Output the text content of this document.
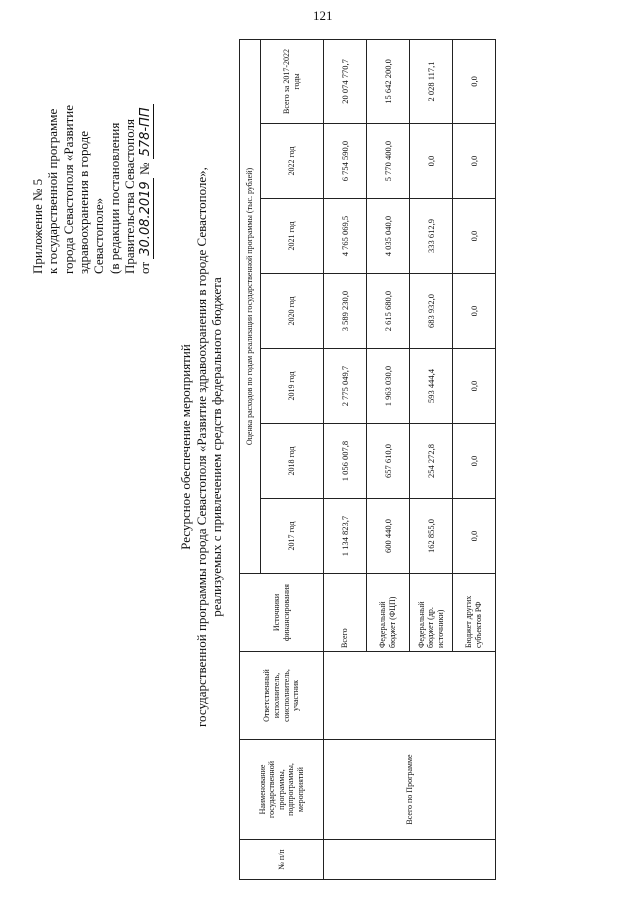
121
Приложение № 5 к государственной программе города Севастополя «Развитие здравоохранения в городе Севастополе» (в редакции постановления Правительства Севастополя от 30.08.2019 № 578-ПП
Ресурсное обеспечение мероприятий государственной программы города Севастополя «Развитие здравоохранения в городе Севастополе», реализуемых с привлечением средств федерального бюджета
№ п/п	Наименование государственной программы, подпрограммы, мероприятий	Ответственный исполнитель, соисполнитель, участник	Источники финансирования	Оценка расходов по годам реализации государственной программы (тыс. рублей)						
				2017 год	2018 год	2019 год	2020 год	2021 год	2022 год	Всего за 2017-2022 годы
	Всего по Программе		Всего	1 134 823,7	1 056 007,8	2 775 049,7	3 589 230,0	4 765 069,5	6 754 590,0	20 074 770,7
			Федеральный бюджет (ФЦП)	600 440,0	657 610,0	1 963 030,0	2 615 680,0	4 035 040,0	5 770 400,0	15 642 200,0
			Федеральный бюджет (др. источники)	162 855,0	254 272,8	593 444,4	683 932,0	333 612,9	0,0	2 028 117,1
			Бюджет других субъектов РФ	0,0	0,0	0,0	0,0	0,0	0,0	0,0
